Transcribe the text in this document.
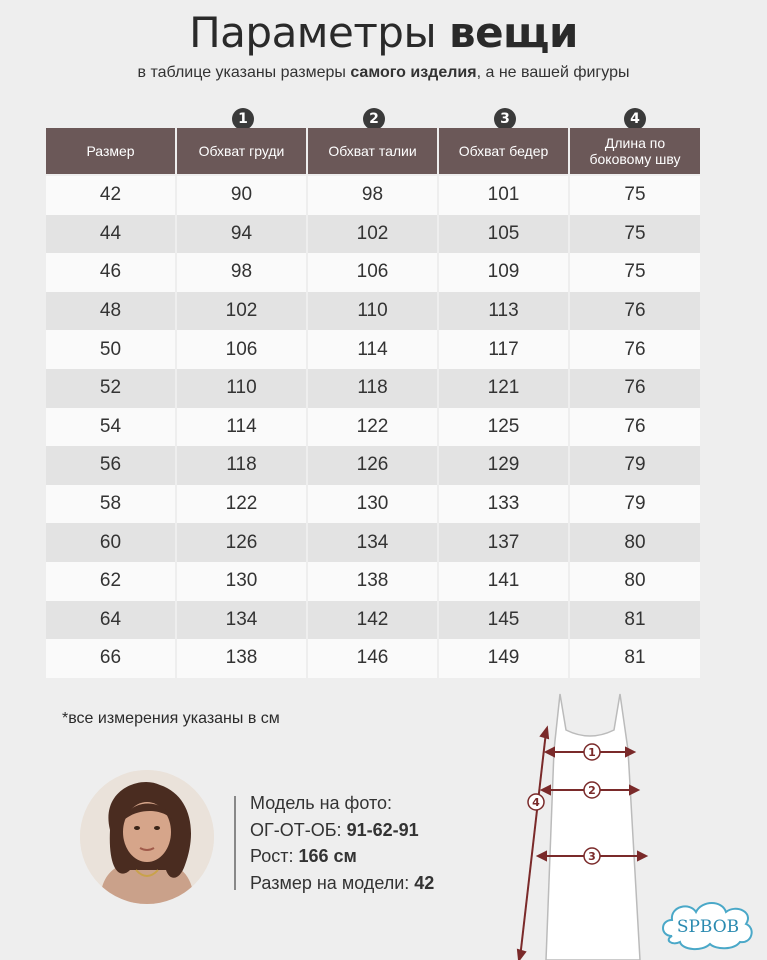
Параметры вещи
в таблице указаны размеры самого изделия, а не вашей фигуры
1	2	3	4
Размер	Обхват груди	Обхват талии	Обхват бедер	Длина по боковому шву
42	90	98	101	75
44	94	102	105	75
46	98	106	109	75
48	102	110	113	76
50	106	114	117	76
52	110	118	121	76
54	114	122	125	76
56	118	126	129	79
58	122	130	133	79
60	126	134	137	80
62	130	138	141	80
64	134	142	145	81
66	138	146	149	81
*все измерения указаны в см
Модель на фото:
ОГ-ОТ-ОБ: 91-62-91
Рост: 166 см
Размер на модели: 42
1
2
3
4
SPBOB
